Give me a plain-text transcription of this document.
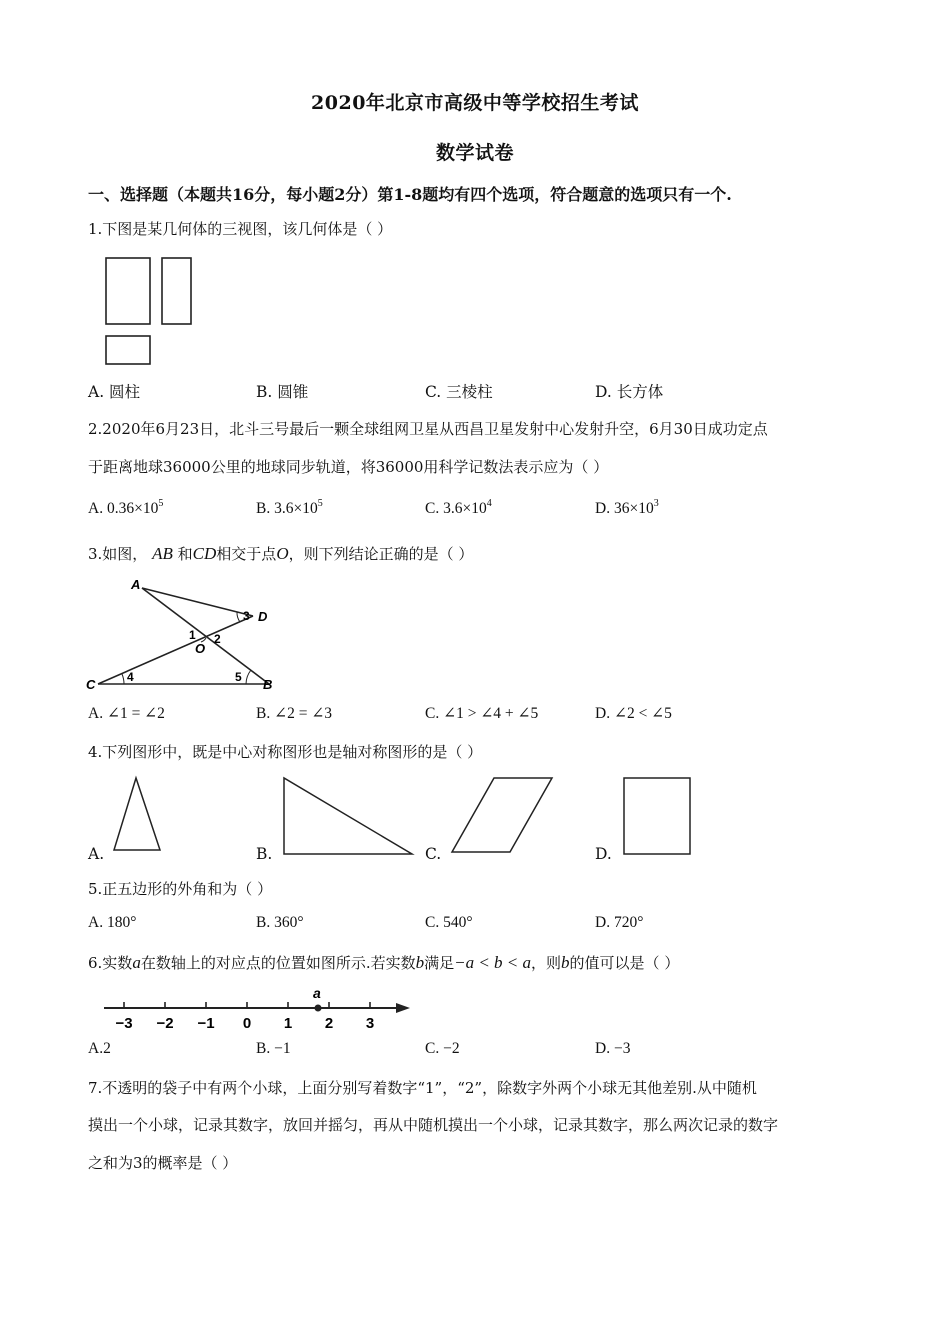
2020年北京市高级中等学校招生考试
数学试卷
一、选择题（本题共16分，每小题2分）第1-8题均有四个选项，符合题意的选项只有一个.
1.下图是某几何体的三视图，该几何体是（ ）
A. 圆柱	B. 圆锥	C. 三棱柱	D. 长方体
2.2020年6月23日，北斗三号最后一颗全球组网卫星从西昌卫星发射中心发射升空，6月30日成功定点
于距离地球36000公里的地球同步轨道，将36000用科学记数法表示应为（ ）
A. $0.36\times 10^5$	B. $3.6\times 10^5$	C. $3.6\times 10^4$	D. $36\times 10^3$
3.如图， AB 和CD相交于点O，则下列结论正确的是（ ）
A
D
C	B
O
1 2
3
4	5
A. ∠1 = ∠2	B. ∠2 = ∠3	C. ∠1 > ∠4 + ∠5	D. ∠2 < ∠5
4.下列图形中，既是中心对称图形也是轴对称图形的是（ ）
A.	B.	C.	D.
5.正五边形的外角和为（ ）
A. 180°	B. 360°	C. 540°	D. 720°
6.实数a在数轴上的对应点的位置如图所示.若实数b满足−a < b < a，则b的值可以是（ ）
−3 −2 −1 0 1 2 3
a
A.2	B. −1	C. −2	D. −3
7.不透明的袋子中有两个小球，上面分别写着数字“1”，“2”，除数字外两个小球无其他差别.从中随机
摸出一个小球，记录其数字，放回并摇匀，再从中随机摸出一个小球，记录其数字，那么两次记录的数字
之和为3的概率是（ ）
